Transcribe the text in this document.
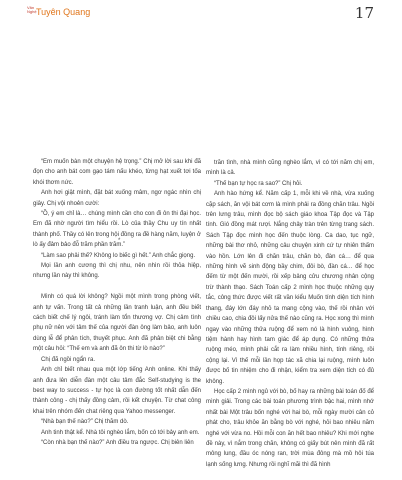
Văn Nghệ Tuyên Quang	17

“Em muốn bàn một chuyện hệ trọng.” Chị mở lời sau khi đã đọn cho anh bát com gạo tám nấu khéo, từng hạt xuết tơi tốa khói thơm nức.

Anh hơi giật mình, đặt bát xuống mâm, ngơ ngác nhìn chị giây. Chị vội nhoẻn cười:

“Ồ, ý em chỉ là… chúng mình cần cho con đi ôn thi đại học. Em đã nhờ người tìm hiểu rồi. Lò của thầy Chu uy tín nhất thành phố. Thầy có lên trong hội đồng ra đề hàng năm, luyện ở lò ấy đảm bảo đỗ trăm phần trăm.”

“Làm sao phải thế? Không lo biếc gì hết.” Anh chắc giọng.

Mọi lần anh cương thì chị nhu, nên nhìn rồi thỏa hiệp, nhưng lần này thì không.

Mình có quá lời không? Ngồi một mình trong phòng viết, anh tự vấn. Trong tất cả những lần tranh luận, anh đều biết cách biết chế lý ngôi, tránh làm tổn thương vợ. Chị cảm tình phụ nữ nên với tâm thế của người đàn ông làm bảo, anh luôn dùng lễ để phân tích, thuyết phục. Anh đã phân biệt chi bằng một câu hỏi: “Thế em và anh đã ôn thi từ lò nào?”

Chị đã ngồi ngẩn ra.

Anh chỉ biết nhau qua một lớp tiếng Anh online. Khi thấy anh đưa lên diễn đàn một câu tâm đắc Self-studying is the best way to success - tự học là con đường tốt nhất dẫn đến thành công - chị thấy đồng cảm, rồi kết chuyện. Từ chat công khai trên nhóm đến chat riêng qua Yahoo messenger.

“Nhà bạn thế nào?” Chị thăm dò.

Anh tinh thật kể. Nhà tôi nghèo lắm, bốn có tới bảy anh em.

“Còn nhà bạn thế nào?” Anh điều tra ngược. Chị biên liên

*

trăn tình, nhà mình cũng nghèo lắm, vì có tới năm chị em, mình là cả.

“Thế bạn tự học ra sao?” Chị hỏi.

Anh hào hứng kể. Năm cấp 1, mỗi khi về nhà, vừa xuống cặp sách, ăn vội bát cơm là mình phải ra đồng chăn trâu. Ngồi trên lưng trâu, mình đọc bộ sách giáo khoa Tập đọc và Tập tính. Gió đồng mát rượi. Nắng chảy tràn trên từng trang sách. Sách Tập đọc mình học đến thuộc lòng. Ca dao, tục ngữ, những bài thơ nhỏ, những câu chuyện xinh cứ tự nhiên thấm vào hồn. Lớn lên đi chăn trâu, chăn bò, đàn cá… để qua những hình vẽ sinh động bầy chim, đôi bò, đàn cá… để học đếm từ một đến mười, rồi xếp bảng cửu chương nhân cộng trừ thành thạo. Sách Toán cấp 2 mình học thuộc những quy tắc, công thức được viết rất vần kiểu Muốn tính diện tích hình thang, đáy lớn đáy nhỏ ta mang cộng vào, thế rồi nhân với chiều cao, chia đôi lấy nửa thế nào cũng ra. Học xong thì mình ngay vào những thửa ruộng để xem nó là hình vuông, hình tiệm hành hay hình tam giác để áp dụng. Có những thửa ruộng méo, mình phải cắt ra làm nhiều hình, tính riêng, rồi cộng lại. Vì thế mỗi lần họp tác xã chia lại ruộng, mình luôn được bố tin nhiệm cho đi nhận, kiểm tra xem diện tích có đủ không.

Học cấp 2 mình ngủ với bò, bố hay ra những bài toán đố để mình giải. Trong các bài toán phương trình bậc hai, mình nhớ nhất bài Một trâu bốn nghé với hai bò, mỗi ngày mười cân cỏ phát cho, trâu khỏe ăn bằng bò với nghé, hỏi bao nhiêu năm nghé với vừa no. Hồi mỗi con ăn hết bao nhiêu? Khi mới nghe đề này, vì nắm trong chăn, không có giấy bút nên mình đã rất mông lung, đầu óc nóng ran, trời mùa đông mà mồ hôi túa lạnh sống lưng. Nhưng rồi nghĩ mãi thì đã hình
